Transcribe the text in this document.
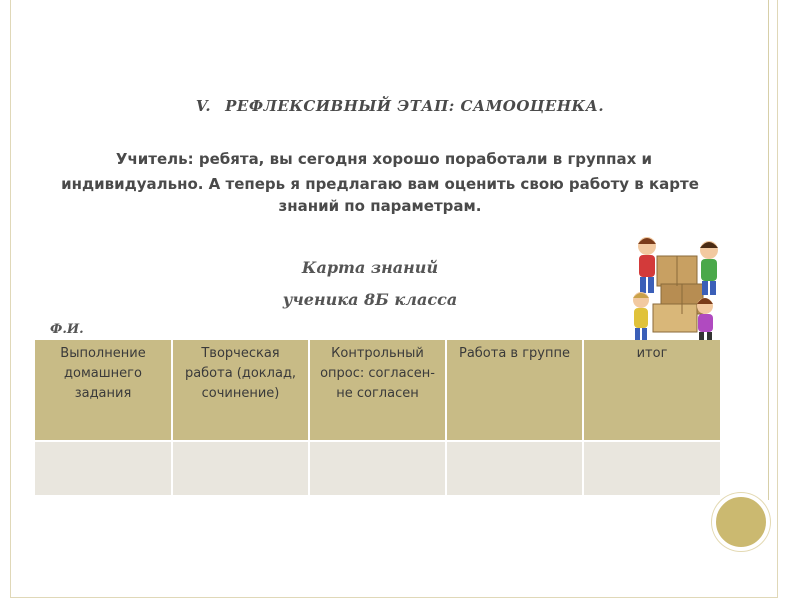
V. РЕФЛЕКСИВНЫЙ ЭТАП: САМООЦЕНКА.
Учитель: ребята, вы сегодня хорошо поработали в группах и индивидуально. А теперь я предлагаю вам оценить свою работу в карте знаний по параметрам.
Карта знаний
ученика 8Б класса
Ф.И.
Выполнение домашнего задания	Творческая работа (доклад, сочинение)	Контрольный опрос: согласен- не согласен	Работа в группе	итог
